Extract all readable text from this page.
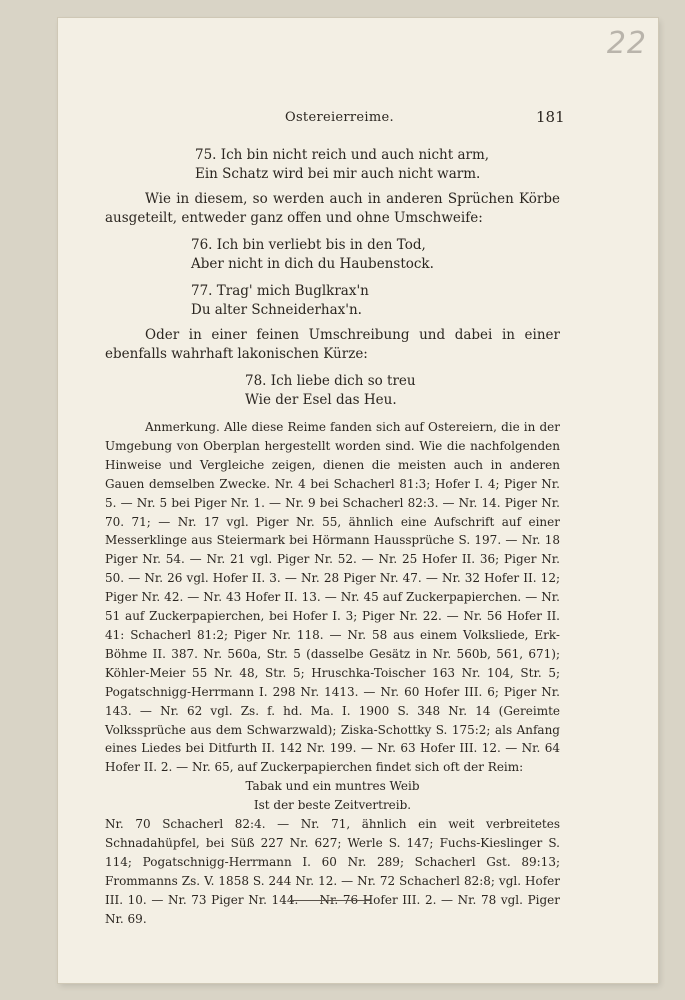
22
Ostereierreime.	181
75. Ich bin nicht reich und auch nicht arm,
Ein Schatz wird bei mir auch nicht warm.
Wie in diesem, so werden auch in anderen Sprüchen Körbe ausgeteilt, entweder ganz offen und ohne Umschweife:
76. Ich bin verliebt bis in den Tod,
Aber nicht in dich du Haubenstock.
77. Trag' mich Buglkrax'n
Du alter Schneiderhax'n.
Oder in einer feinen Umschreibung und dabei in einer ebenfalls wahrhaft lakonischen Kürze:
78. Ich liebe dich so treu
Wie der Esel das Heu.

Anmerkung. Alle diese Reime fanden sich auf Ostereiern, die in der Umgebung von Oberplan hergestellt worden sind. Wie die nachfolgenden Hinweise und Vergleiche zeigen, dienen die meisten auch in anderen Gauen demselben Zwecke. Nr. 4 bei Schacherl 81:3; Hofer I. 4; Piger Nr. 5. — Nr. 5 bei Piger Nr. 1. — Nr. 9 bei Schacherl 82:3. — Nr. 14. Piger Nr. 70. 71; — Nr. 17 vgl. Piger Nr. 55, ähnlich eine Aufschrift auf einer Messerklinge aus Steiermark bei Hörmann Haussprüche S. 197. — Nr. 18 Piger Nr. 54. — Nr. 21 vgl. Piger Nr. 52. — Nr. 25 Hofer II. 36; Piger Nr. 50. — Nr. 26 vgl. Hofer II. 3. — Nr. 28 Piger Nr. 47. — Nr. 32 Hofer II. 12; Piger Nr. 42. — Nr. 43 Hofer II. 13. — Nr. 45 auf Zuckerpapierchen. — Nr. 51 auf Zuckerpapierchen, bei Hofer I. 3; Piger Nr. 22. — Nr. 56 Hofer II. 41: Schacherl 81:2; Piger Nr. 118. — Nr. 58 aus einem Volksliede, Erk-Böhme II. 387. Nr. 560a, Str. 5 (dasselbe Gesätz in Nr. 560b, 561, 671); Köhler-Meier 55 Nr. 48, Str. 5; Hruschka-Toischer 163 Nr. 104, Str. 5; Pogatschnigg-Herrmann I. 298 Nr. 1413. — Nr. 60 Hofer III. 6; Piger Nr. 143. — Nr. 62 vgl. Zs. f. hd. Ma. I. 1900 S. 348 Nr. 14 (Gereimte Volkssprüche aus dem Schwarzwald); Ziska-Schottky S. 175:2; als Anfang eines Liedes bei Ditfurth II. 142 Nr. 199. — Nr. 63 Hofer III. 12. — Nr. 64 Hofer II. 2. — Nr. 65, auf Zuckerpapierchen findet sich oft der Reim:

Tabak und ein muntres Weib

Ist der beste Zeitvertreib.

Nr. 70 Schacherl 82:4. — Nr. 71, ähnlich ein weit verbreitetes Schnadahüpfel, bei Süß 227 Nr. 627; Werle S. 147; Fuchs-Kieslinger S. 114; Pogatschnigg-Herrmann I. 60 Nr. 289; Schacherl Gst. 89:13; Frommanns Zs. V. 1858 S. 244 Nr. 12. — Nr. 72 Schacherl 82:8; vgl. Hofer III. 10. — Nr. 73 Piger Nr. 144. — Nr. 76 Hofer III. 2. — Nr. 78 vgl. Piger Nr. 69.
